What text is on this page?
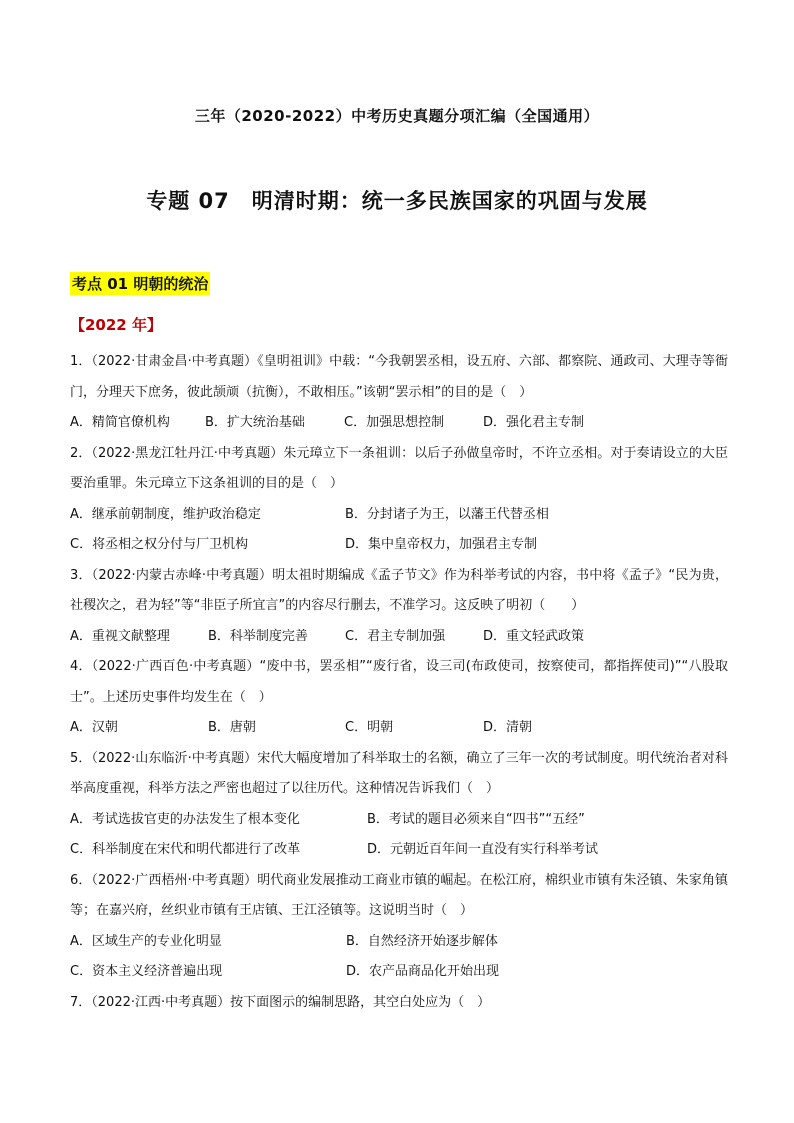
三年（2020-2022）中考历史真题分项汇编（全国通用）
专题 07　明清时期：统一多民族国家的巩固与发展
考点 01 明朝的统治
【2022 年】

1．（2022·甘肃金昌·中考真题）《皇明祖训》中载：“今我朝罢丞相，设五府、六部、都察院、通政司、大理寺等衙门，分理天下庶务，彼此颉颃（抗衡），不敢相压。”该朝“罢示相”的目的是（　）

A．精简官僚机构	B．扩大统治基础	C．加强思想控制	D．强化君主专制

2．（2022·黑龙江牡丹江·中考真题）朱元璋立下一条祖训：以后子孙做皇帝时，不许立丞相。对于奏请设立的大臣要治重罪。朱元璋立下这条祖训的目的是（　）

A．继承前朝制度，维护政治稳定	B．分封诸子为王，以藩王代替丞相
C．将丞相之权分付与厂卫机构	D．集中皇帝权力，加强君主专制

3．（2022·内蒙古赤峰·中考真题）明太祖时期编成《孟子节文》作为科举考试的内容，书中将《孟子》“民为贵，社稷次之，君为轻”等“非臣子所宜言”的内容尽行删去，不准学习。这反映了明初（　　）

A．重视文献整理	B．科举制度完善	C．君主专制加强	D．重文轻武政策

4．（2022·广西百色·中考真题）“废中书，罢丞相”“废行省，设三司(布政使司，按察使司，都指挥使司)”“八股取士”。上述历史事件均发生在（　）

A．汉朝	B．唐朝	C．明朝	D．清朝

5．（2022·山东临沂·中考真题）宋代大幅度增加了科举取士的名额，确立了三年一次的考试制度。明代统治者对科举高度重视，科举方法之严密也超过了以往历代。这种情况告诉我们（　）

A．考试选拔官吏的办法发生了根本变化	B．考试的题目必须来自“四书”“五经”
C．科举制度在宋代和明代都进行了改革	D．元朝近百年间一直没有实行科举考试

6．（2022·广西梧州·中考真题）明代商业发展推动工商业市镇的崛起。在松江府，棉织业市镇有朱泾镇、朱家角镇等；在嘉兴府，丝织业市镇有王店镇、王江泾镇等。这说明当时（　）

A．区域生产的专业化明显	B．自然经济开始逐步解体
C．资本主义经济普遍出现	D．农产品商品化开始出现

7．（2022·江西·中考真题）按下面图示的编制思路，其空白处应为（　）
